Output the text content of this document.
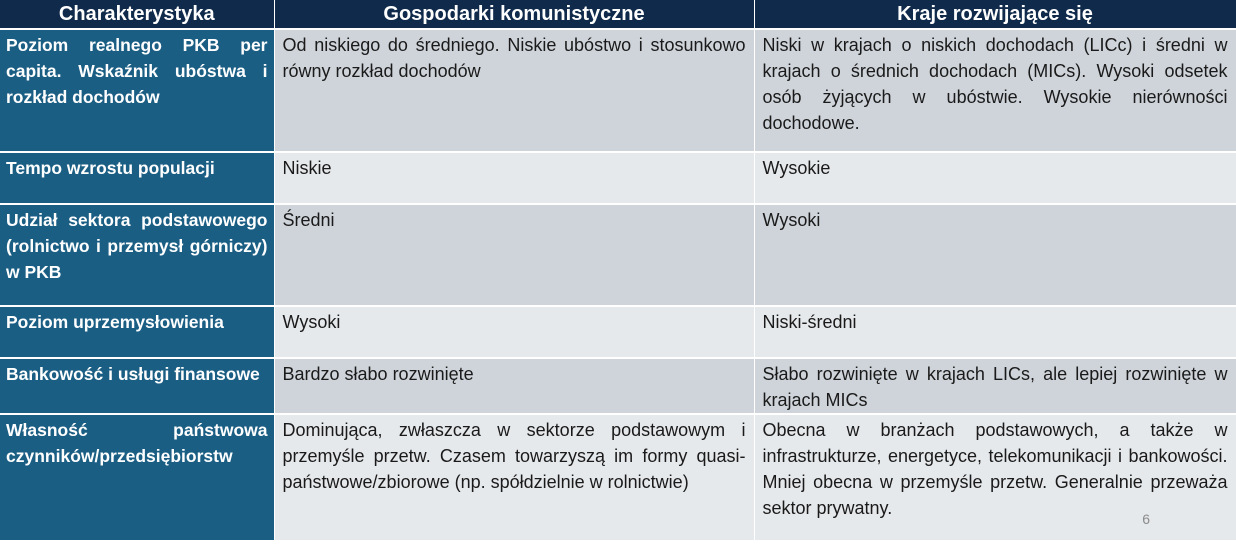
Charakterystyka	Gospodarki komunistyczne	Kraje rozwijające się
Poziom realnego PKB per capita. Wskaźnik ubóstwa i rozkład dochodów	Od niskiego do średniego. Niskie ubóstwo i stosunkowo równy rozkład dochodów	Niski w krajach o niskich dochodach (LICc) i średni w krajach o średnich dochodach (MICs). Wysoki odsetek osób żyjących w ubóstwie. Wysokie nierówności dochodowe.
Tempo wzrostu populacji	Niskie	Wysokie
Udział sektora podstawowego (rolnictwo i przemysł górniczy) w PKB	Średni	Wysoki
Poziom uprzemysłowienia	Wysoki	Niski-średni
Bankowość i usługi finansowe	Bardzo słabo rozwinięte	Słabo rozwinięte w krajach LICs, ale lepiej rozwinięte w krajach MICs
Własność państwowa czynników/przedsiębiorstw	Dominująca, zwłaszcza w sektorze podstawowym i przemyśle przetw. Czasem towarzyszą im formy quasi-państwowe/zbiorowe (np. spółdzielnie w rolnictwie)	Obecna w branżach podstawowych, a także w infrastrukturze, energetyce, telekomunikacji i bankowości. Mniej obecna w przemyśle przetw. Generalnie przeważa sektor prywatny.
6
